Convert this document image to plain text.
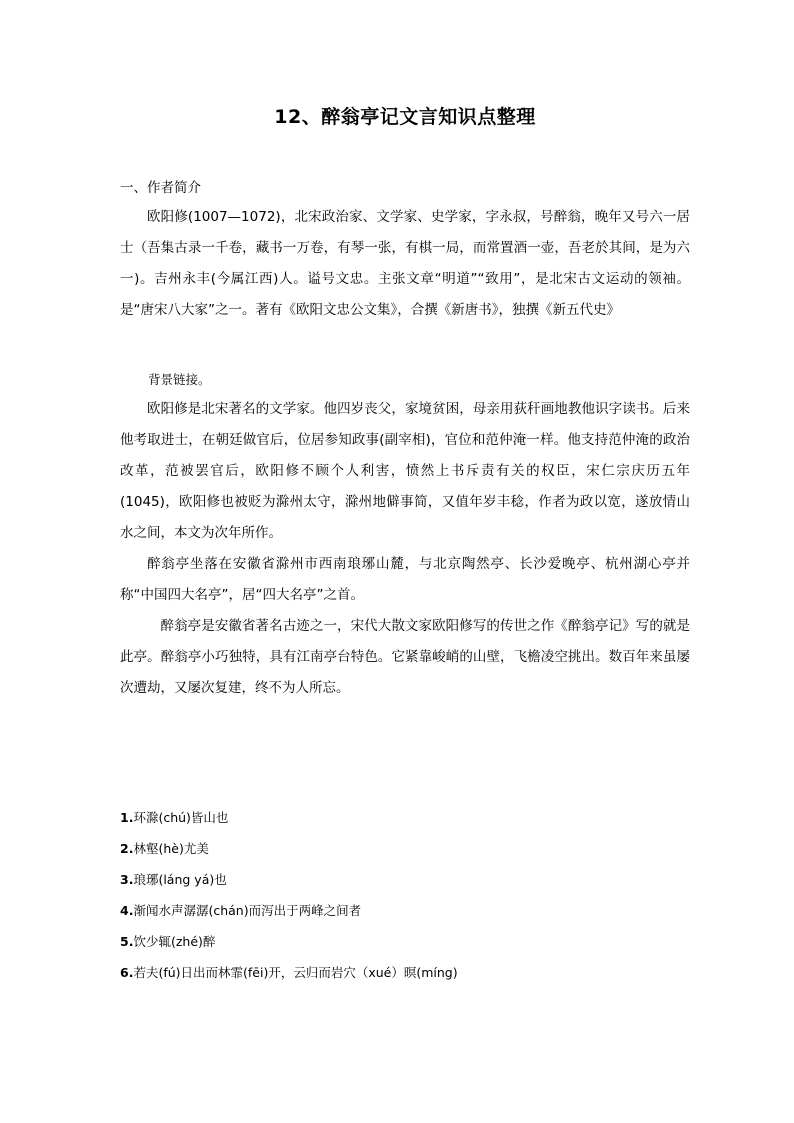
12、醉翁亭记文言知识点整理

一、作者简介

欧阳修(1007—1072)，北宋政治家、文学家、史学家，字永叔，号醉翁，晚年又号六一居士（吾集古录一千卷，藏书一万卷，有琴一张，有棋一局，而常置酒一壶，吾老於其间，是为六一)。吉州永丰(今属江西)人。谥号文忠。主张文章“明道”“致用”，是北宋古文运动的领袖。是“唐宋八大家”之一。著有《欧阳文忠公文集》，合撰《新唐书》，独撰《新五代史》

背景链接。

欧阳修是北宋著名的文学家。他四岁丧父，家境贫困，母亲用荻秆画地教他识字读书。后来他考取进士，在朝廷做官后，位居参知政事(副宰相)，官位和范仲淹一样。他支持范仲淹的政治改革，范被罢官后，欧阳修不顾个人利害，愤然上书斥责有关的权臣，宋仁宗庆历五年(1045)，欧阳修也被贬为滁州太守，滁州地僻事简，又值年岁丰稔，作者为政以宽，遂放情山水之间，本文为次年所作。

醉翁亭坐落在安徽省滁州市西南琅琊山麓，与北京陶然亭、长沙爱晚亭、杭州湖心亭并称“中国四大名亭”，居“四大名亭”之首。

醉翁亭是安徽省著名古迹之一，宋代大散文家欧阳修写的传世之作《醉翁亭记》写的就是此亭。醉翁亭小巧独特，具有江南亭台特色。它紧靠峻峭的山壁，飞檐凌空挑出。数百年来虽屡次遭劫，又屡次复建，终不为人所忘。

1.环滁(chú)皆山也

2.林壑(hè)尤美

3.琅琊(láng yá)也

4.渐闻水声潺潺(chán)而泻出于两峰之间者

5.饮少辄(zhé)醉

6.若夫(fú)日出而林霏(fēi)开，云归而岩穴（xué）暝(míng)
